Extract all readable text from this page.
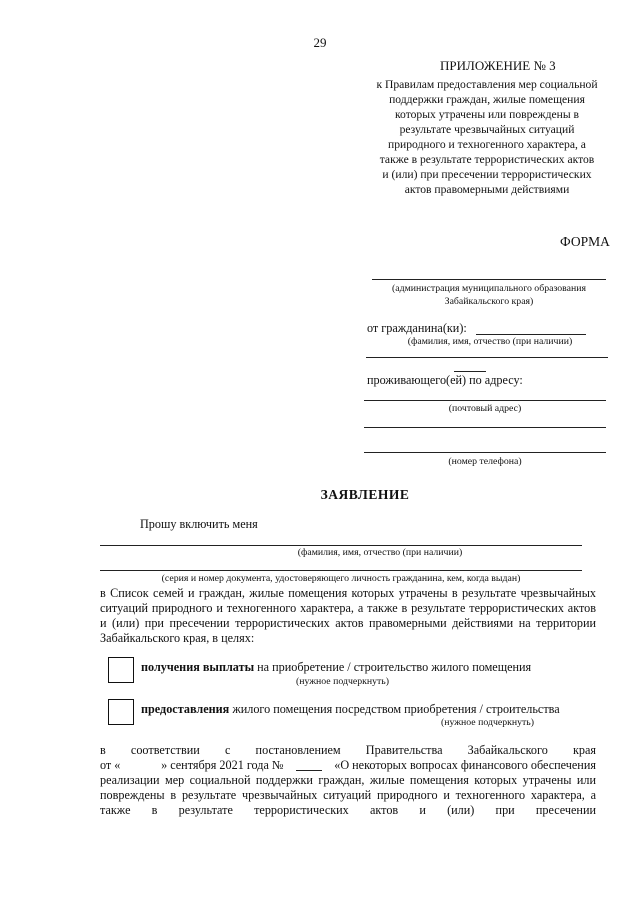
29
ПРИЛОЖЕНИЕ № 3
к Правилам предоставления мер социальной поддержки граждан, жилые помещения которых утрачены или повреждены в результате чрезвычайных ситуаций природного и техногенного характера, а также в результате террористических актов и (или) при пресечении террористических актов правомерными действиями
ФОРМА
(администрация муниципального образования
Забайкальского края)
от гражданина(ки):
(фамилия, имя, отчество (при наличии)
проживающего(ей) по адресу:
(почтовый адрес)
(номер телефона)
ЗАЯВЛЕНИЕ
Прошу включить меня
(фамилия, имя, отчество (при наличии)
(серия и номер документа, удостоверяющего личность гражданина, кем, когда выдан)
в Список семей и граждан, жилые помещения которых утрачены в результате чрезвычайных ситуаций природного и техногенного характера, а также в результате террористических актов и (или) при пресечении террористических актов правомерными действиями на территории Забайкальского края, в целях:
получения выплаты на приобретение / строительство жилого помещения
(нужное подчеркнуть)
предоставления жилого помещения посредством приобретения / строительства
(нужное подчеркнуть)
в соответствии с постановлением Правительства Забайкальского края
от «	» сентября 2021 года №	«О некоторых вопросах финансового обеспечения
реализации мер социальной поддержки граждан, жилые помещения которых утрачены или повреждены в результате чрезвычайных ситуаций природного и техногенного характера, а также в результате террористических актов и (или) при пресечении
